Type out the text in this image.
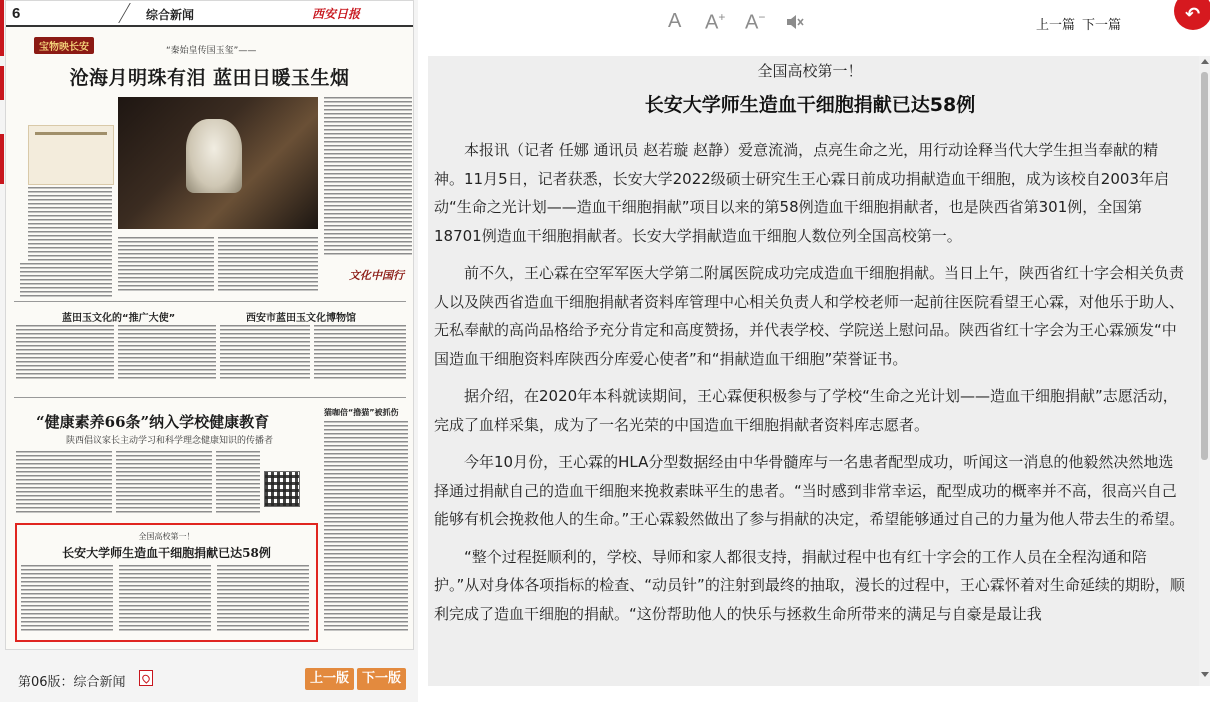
6	综合新闻	西安日报
宝物映长安	“秦始皇传国玉玺”——
沧海月明珠有泪 蓝田日暖玉生烟
文化中国行
蓝田玉文化的“推广大使”	西安市蓝田玉文化博物馆
“健康素养66条”纳入学校健康教育
陕西倡议家长主动学习和科学理念健康知识的传播者
猫咖倍“撸猫”被抓伤
全国高校第一！
长安大学师生造血干细胞捐献已达58例
第06版：综合新闻	上一版 下一版
A A+ A−
上一篇 下一篇
↶
全国高校第一！
长安大学师生造血干细胞捐献已达58例

本报讯（记者 任娜 通讯员 赵若璇 赵静）爱意流淌，点亮生命之光，用行动诠释当代大学生担当奉献的精神。11月5日，记者获悉，长安大学2022级硕士研究生王心霖日前成功捐献造血干细胞，成为该校自2003年启动“生命之光计划——造血干细胞捐献”项目以来的第58例造血干细胞捐献者，也是陕西省第301例，全国第18701例造血干细胞捐献者。长安大学捐献造血干细胞人数位列全国高校第一。

前不久，王心霖在空军军医大学第二附属医院成功完成造血干细胞捐献。当日上午，陕西省红十字会相关负责人以及陕西省造血干细胞捐献者资料库管理中心相关负责人和学校老师一起前往医院看望王心霖，对他乐于助人、无私奉献的高尚品格给予充分肯定和高度赞扬，并代表学校、学院送上慰问品。陕西省红十字会为王心霖颁发“中国造血干细胞资料库陕西分库爱心使者”和“捐献造血干细胞”荣誉证书。

据介绍，在2020年本科就读期间，王心霖便积极参与了学校“生命之光计划——造血干细胞捐献”志愿活动，完成了血样采集，成为了一名光荣的中国造血干细胞捐献者资料库志愿者。

今年10月份，王心霖的HLA分型数据经由中华骨髓库与一名患者配型成功，听闻这一消息的他毅然决然地选择通过捐献自己的造血干细胞来挽救素昧平生的患者。“当时感到非常幸运，配型成功的概率并不高，很高兴自己能够有机会挽救他人的生命。”王心霖毅然做出了参与捐献的决定，希望能够通过自己的力量为他人带去生的希望。

“整个过程挺顺利的，学校、导师和家人都很支持，捐献过程中也有红十字会的工作人员在全程沟通和陪护。”从对身体各项指标的检查、“动员针”的注射到最终的抽取，漫长的过程中，王心霖怀着对生命延续的期盼，顺利完成了造血干细胞的捐献。“这份帮助他人的快乐与拯救生命所带来的满足与自豪是最让我
